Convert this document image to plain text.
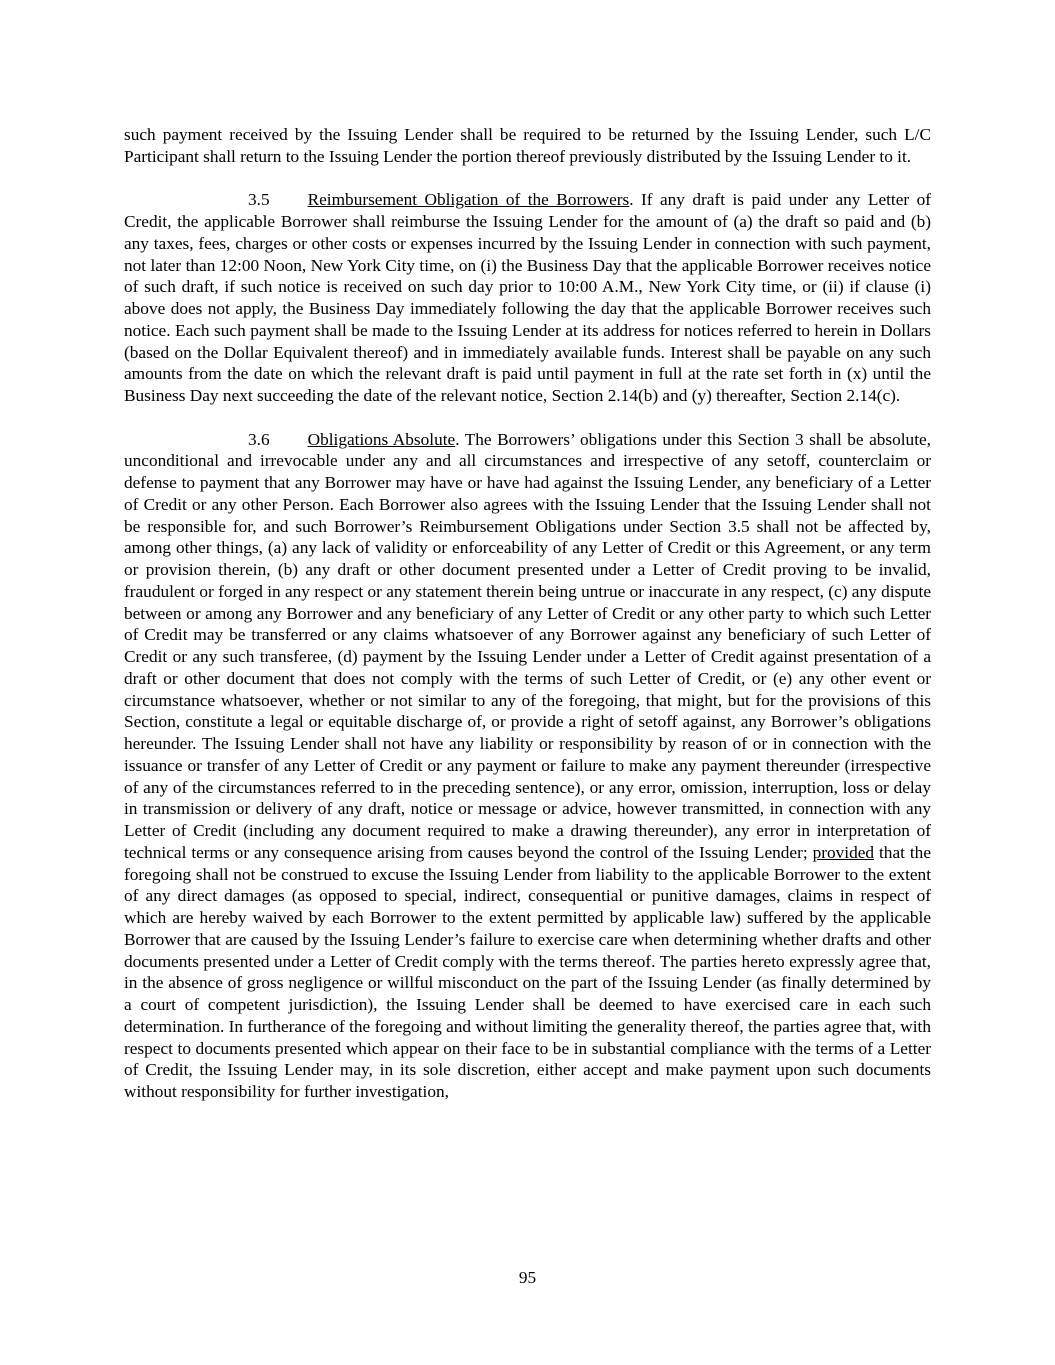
such payment received by the Issuing Lender shall be required to be returned by the Issuing Lender, such L/C Participant shall return to the Issuing Lender the portion thereof previously distributed by the Issuing Lender to it.

3.5 Reimbursement Obligation of the Borrowers. If any draft is paid under any Letter of Credit, the applicable Borrower shall reimburse the Issuing Lender for the amount of (a) the draft so paid and (b) any taxes, fees, charges or other costs or expenses incurred by the Issuing Lender in connection with such payment, not later than 12:00 Noon, New York City time, on (i) the Business Day that the applicable Borrower receives notice of such draft, if such notice is received on such day prior to 10:00 A.M., New York City time, or (ii) if clause (i) above does not apply, the Business Day immediately following the day that the applicable Borrower receives such notice. Each such payment shall be made to the Issuing Lender at its address for notices referred to herein in Dollars (based on the Dollar Equivalent thereof) and in immediately available funds. Interest shall be payable on any such amounts from the date on which the relevant draft is paid until payment in full at the rate set forth in (x) until the Business Day next succeeding the date of the relevant notice, Section 2.14(b) and (y) thereafter, Section 2.14(c).

3.6 Obligations Absolute. The Borrowers’ obligations under this Section 3 shall be absolute, unconditional and irrevocable under any and all circumstances and irrespective of any setoff, counterclaim or defense to payment that any Borrower may have or have had against the Issuing Lender, any beneficiary of a Letter of Credit or any other Person. Each Borrower also agrees with the Issuing Lender that the Issuing Lender shall not be responsible for, and such Borrower’s Reimbursement Obligations under Section 3.5 shall not be affected by, among other things, (a) any lack of validity or enforceability of any Letter of Credit or this Agreement, or any term or provision therein, (b) any draft or other document presented under a Letter of Credit proving to be invalid, fraudulent or forged in any respect or any statement therein being untrue or inaccurate in any respect, (c) any dispute between or among any Borrower and any beneficiary of any Letter of Credit or any other party to which such Letter of Credit may be transferred or any claims whatsoever of any Borrower against any beneficiary of such Letter of Credit or any such transferee, (d) payment by the Issuing Lender under a Letter of Credit against presentation of a draft or other document that does not comply with the terms of such Letter of Credit, or (e) any other event or circumstance whatsoever, whether or not similar to any of the foregoing, that might, but for the provisions of this Section, constitute a legal or equitable discharge of, or provide a right of setoff against, any Borrower’s obligations hereunder. The Issuing Lender shall not have any liability or responsibility by reason of or in connection with the issuance or transfer of any Letter of Credit or any payment or failure to make any payment thereunder (irrespective of any of the circumstances referred to in the preceding sentence), or any error, omission, interruption, loss or delay in transmission or delivery of any draft, notice or message or advice, however transmitted, in connection with any Letter of Credit (including any document required to make a drawing thereunder), any error in interpretation of technical terms or any consequence arising from causes beyond the control of the Issuing Lender; provided that the foregoing shall not be construed to excuse the Issuing Lender from liability to the applicable Borrower to the extent of any direct damages (as opposed to special, indirect, consequential or punitive damages, claims in respect of which are hereby waived by each Borrower to the extent permitted by applicable law) suffered by the applicable Borrower that are caused by the Issuing Lender’s failure to exercise care when determining whether drafts and other documents presented under a Letter of Credit comply with the terms thereof. The parties hereto expressly agree that, in the absence of gross negligence or willful misconduct on the part of the Issuing Lender (as finally determined by a court of competent jurisdiction), the Issuing Lender shall be deemed to have exercised care in each such determination. In furtherance of the foregoing and without limiting the generality thereof, the parties agree that, with respect to documents presented which appear on their face to be in substantial compliance with the terms of a Letter of Credit, the Issuing Lender may, in its sole discretion, either accept and make payment upon such documents without responsibility for further investigation,

95
